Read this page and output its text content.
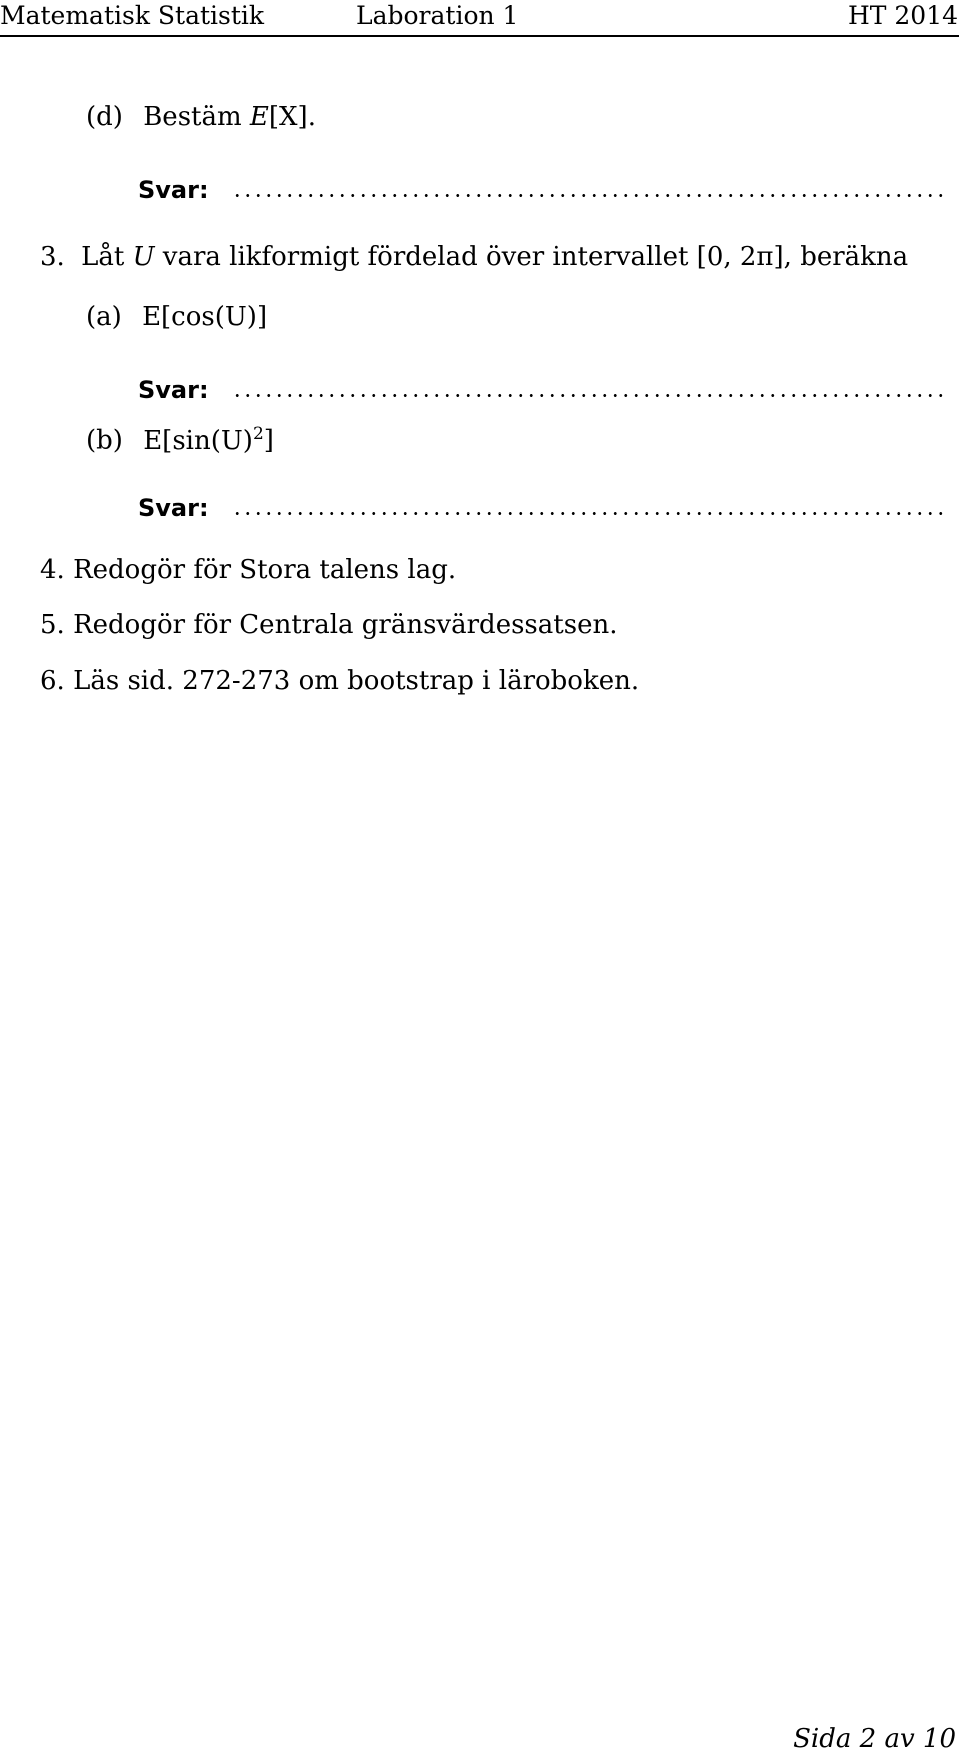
Matematisk Statistik	Laboration 1	HT 2014
(d) Bestäm E[X].
Svar:
3. Låt U vara likformigt fördelad över intervallet [0, 2π], beräkna
(a) E[cos(U)]
Svar:
(b) $E[\sin(U)^2]$
Svar:
4. Redogör för Stora talens lag.
5. Redogör för Centrala gränsvärdessatsen.
6. Läs sid. 272-273 om bootstrap i läroboken.
Sida 2 av 10
